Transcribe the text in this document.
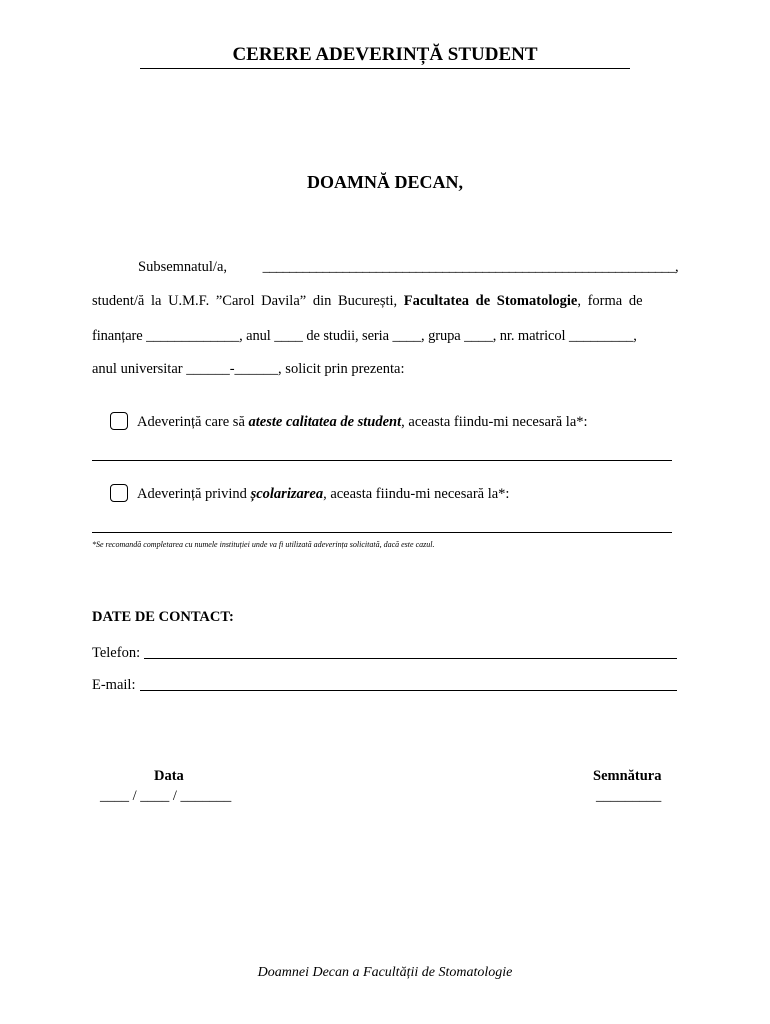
CERERE ADEVERINȚĂ STUDENT
DOAMNĂ DECAN,
Subsemnatul/a, ______________________________________________________________,
student/ă la U.M.F. ”Carol Davila” din București, Facultatea de Stomatologie, forma de
finanțare _____________, anul ____ de studii, seria ____, grupa ____, nr. matricol _________,
anul universitar ______-______, solicit prin prezenta:
Adeverință care să ateste calitatea de student, aceasta fiindu-mi necesară la*:
Adeverință privind școlarizarea, aceasta fiindu-mi necesară la*:
*Se recomandă completarea cu numele instituției unde va fi utilizată adeverința solicitată, dacă este cazul.
DATE DE CONTACT:
Telefon:
E-mail:
Data
____ / ____ / _______
Semnătura
_________
Doamnei Decan a Facultății de Stomatologie
